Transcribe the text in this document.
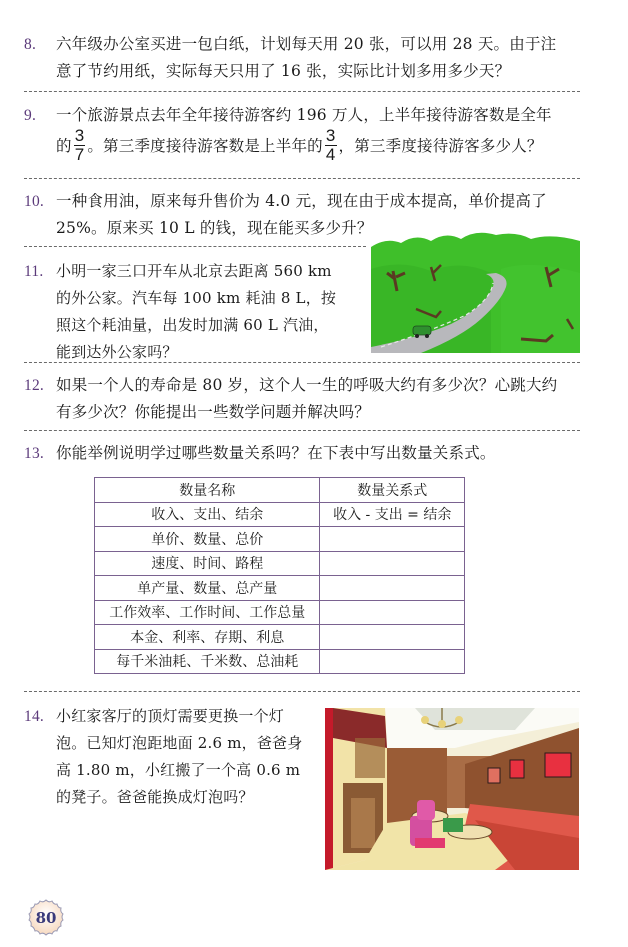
8.	六年级办公室买进一包白纸，计划每天用 20 张，可以用 28 天。由于注
意了节约用纸，实际每天只用了 16 张，实际比计划多用多少天？
9.	一个旅游景点去年全年接待游客约 196 万人，上半年接待游客数是全年
的 $\frac{3}{7}$ 。第三季度接待游客数是上半年的 $\frac{3}{4}$ ，第三季度接待游客多少人？
10. 一种食用油，原来每升售价为 4.0 元，现在由于成本提高，单价提高了
25%。原来买 10 L 的钱，现在能买多少升？
11. 小明一家三口开车从北京去距离 560 km
的外公家。汽车每 100 km 耗油 8 L，按
照这个耗油量，出发时加满 60 L 汽油，
能到达外公家吗？
12. 如果一个人的寿命是 80 岁，这个人一生的呼吸大约有多少次？心跳大约
有多少次？你能提出一些数学问题并解决吗？
13. 你能举例说明学过哪些数量关系吗？在下表中写出数量关系式。
数量名称	数量关系式
收入、支出、结余	收入 - 支出 = 结余
单价、数量、总价	
速度、时间、路程	
单产量、数量、总产量	
工作效率、工作时间、工作总量	
本金、利率、存期、利息	
每千米油耗、千米数、总油耗	
14. 小红家客厅的顶灯需要更换一个灯
泡。已知灯泡距地面 2.6 m，爸爸身
高 1.80 m，小红搬了一个高 0.6 m
的凳子。爸爸能换成灯泡吗？
80
